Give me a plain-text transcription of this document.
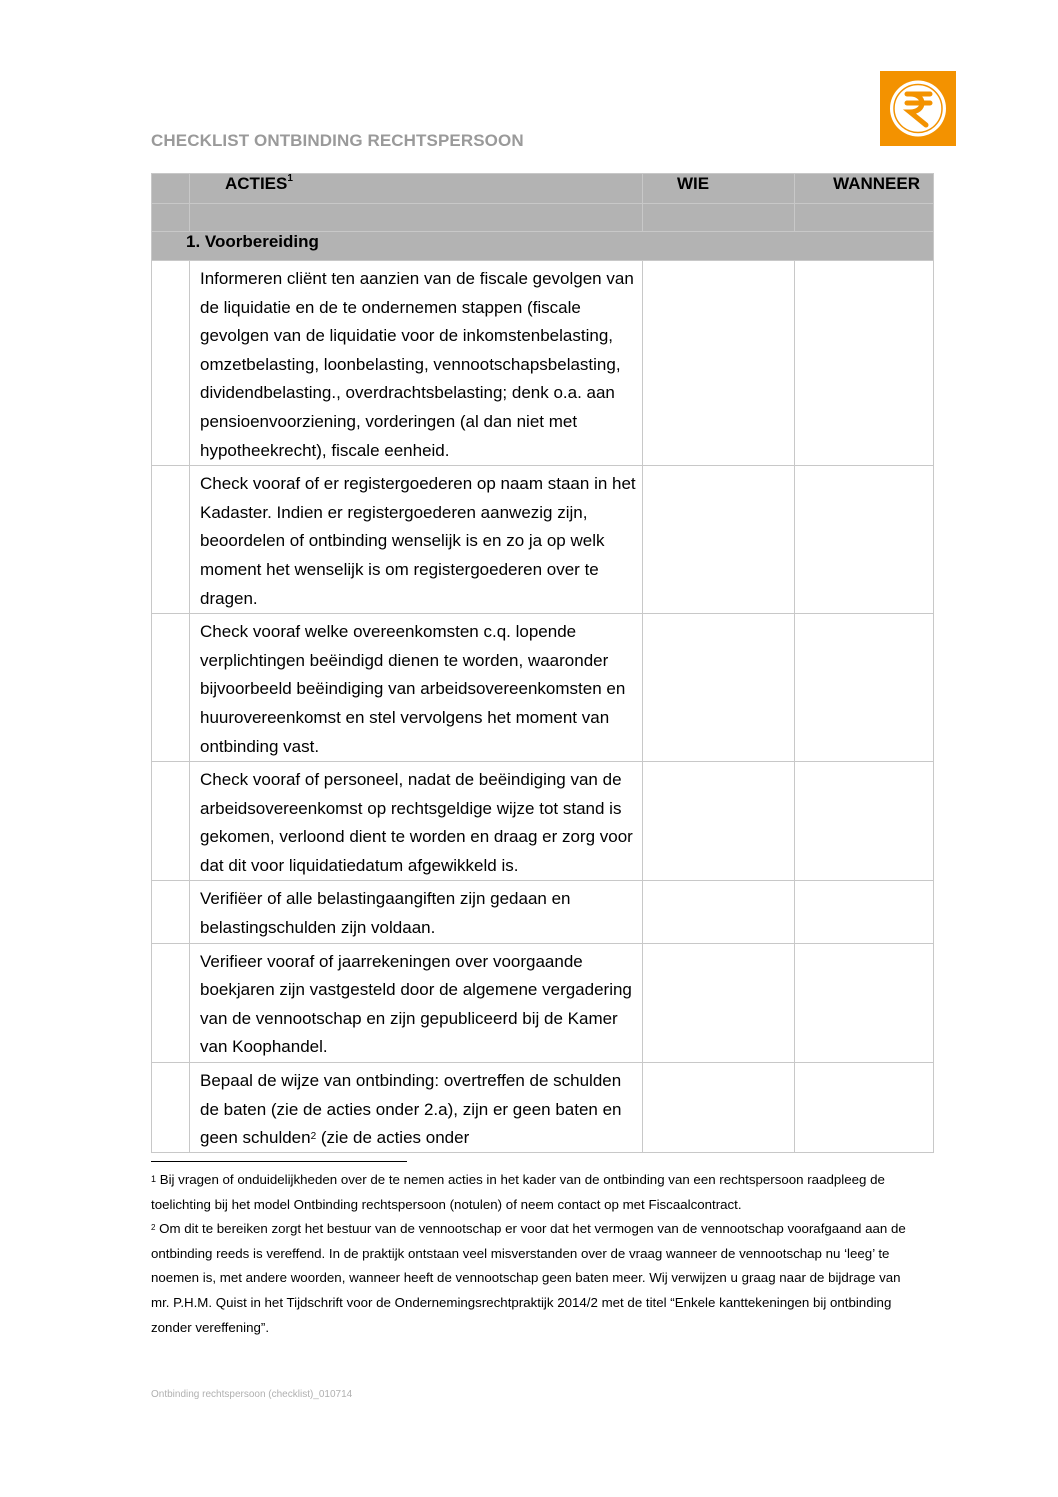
CHECKLIST ONTBINDING RECHTSPERSOON
	ACTIES$^1$	WIE	WANNEER

1. Voorbereiding			
	Informeren cliënt ten aanzien van de fiscale gevolgen van de liquidatie en de te ondernemen stappen (fiscale gevolgen van de liquidatie voor de inkomstenbelasting, omzetbelasting, loonbelasting, vennootschapsbelasting, dividendbelasting., overdrachtsbelasting; denk o.a. aan pensioenvoorziening, vorderingen (al dan niet met hypotheekrecht), fiscale eenheid.		
	Check vooraf of er registergoederen op naam staan in het Kadaster. Indien er registergoederen aanwezig zijn, beoordelen of ontbinding wenselijk is en zo ja op welk moment het wenselijk is om registergoederen over te dragen.		
	Check vooraf welke overeenkomsten c.q. lopende verplichtingen beëindigd dienen te worden, waaronder bijvoorbeeld beëindiging van arbeidsovereenkomsten en huurovereenkomst en stel vervolgens het moment van ontbinding vast.		
	Check vooraf of personeel, nadat de beëindiging van de arbeidsovereenkomst op rechtsgeldige wijze tot stand is gekomen, verloond dient te worden en draag er zorg voor dat dit voor liquidatiedatum afgewikkeld is.		
	Verifiëer of alle belastingaangiften zijn gedaan en belastingschulden zijn voldaan.		
	Verifieer vooraf of jaarrekeningen over voorgaande boekjaren zijn vastgesteld door de algemene vergadering van de vennootschap en zijn gepubliceerd bij de Kamer van Koophandel.		

	Bepaal de wijze van ontbinding: overtreffen de schulden de baten (zie de acties onder 2.a), zijn er geen baten en geen schulden$^2$ (zie de acties onder		

$^1$ Bij vragen of onduidelijkheden over de te nemen acties in het kader van de ontbinding van een rechtspersoon raadpleeg de toelichting bij het model Ontbinding rechtspersoon (notulen) of neem contact op met Fiscaalcontract.

$^2$ Om dit te bereiken zorgt het bestuur van de vennootschap er voor dat het vermogen van de vennootschap voorafgaand aan de ontbinding reeds is vereffend. In de praktijk ontstaan veel misverstanden over de vraag wanneer de vennootschap nu ‘leeg’ te noemen is, met andere woorden, wanneer heeft de vennootschap geen baten meer. Wij verwijzen u graag naar de bijdrage van mr. P.H.M. Quist in het Tijdschrift voor de Ondernemingsrechtpraktijk 2014/2 met de titel “Enkele kanttekeningen bij ontbinding zonder vereffening”.

Ontbinding rechtspersoon (checklist)_010714
